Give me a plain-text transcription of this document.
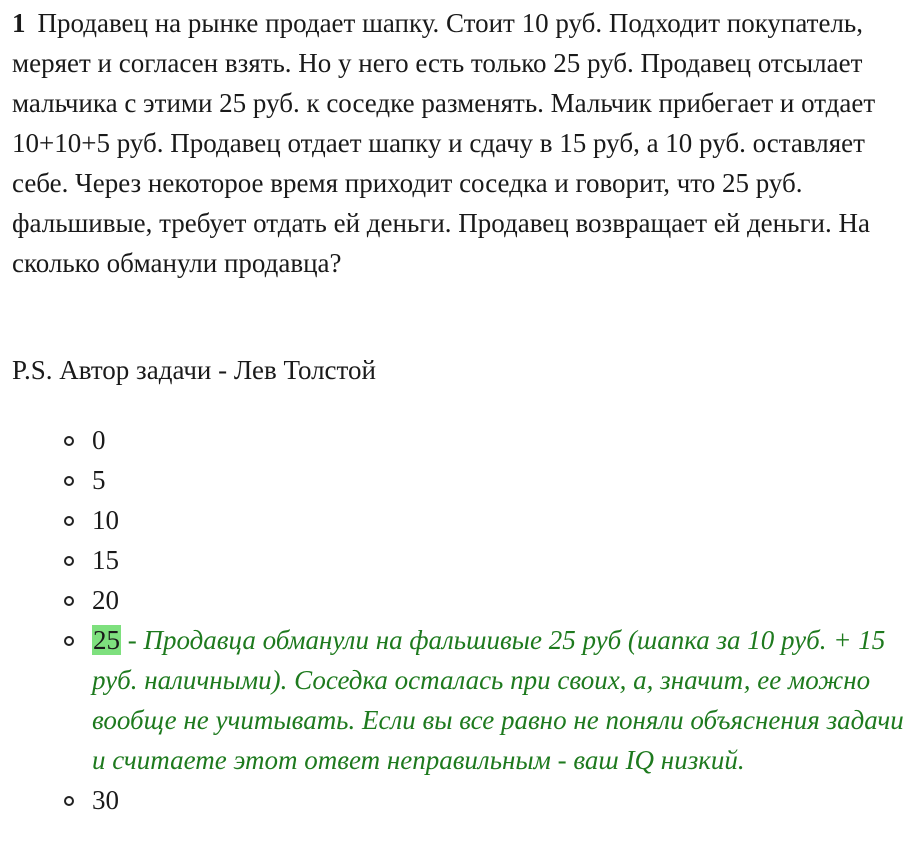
1 Продавец на рынке продает шапку. Стоит 10 руб. Подходит покупатель, меряет и согласен взять. Но у него есть только 25 руб. Продавец отсылает мальчика с этими 25 руб. к соседке разменять. Мальчик прибегает и отдает 10+10+5 руб. Продавец отдает шапку и сдачу в 15 руб, а 10 руб. оставляет себе. Через некоторое время приходит соседка и говорит, что 25 руб. фальшивые, требует отдать ей деньги. Продавец возвращает ей деньги. На сколько обманули продавца?

P.S. Автор задачи - Лев Толстой

0
5
10
15
20
25 - Продавца обманули на фальшивые 25 руб (шапка за 10 руб. + 15 руб. наличными). Соседка осталась при своих, а, значит, ее можно вообще не учитывать. Если вы все равно не поняли объяснения задачи и считаете этот ответ неправильным - ваш IQ низкий.
30
